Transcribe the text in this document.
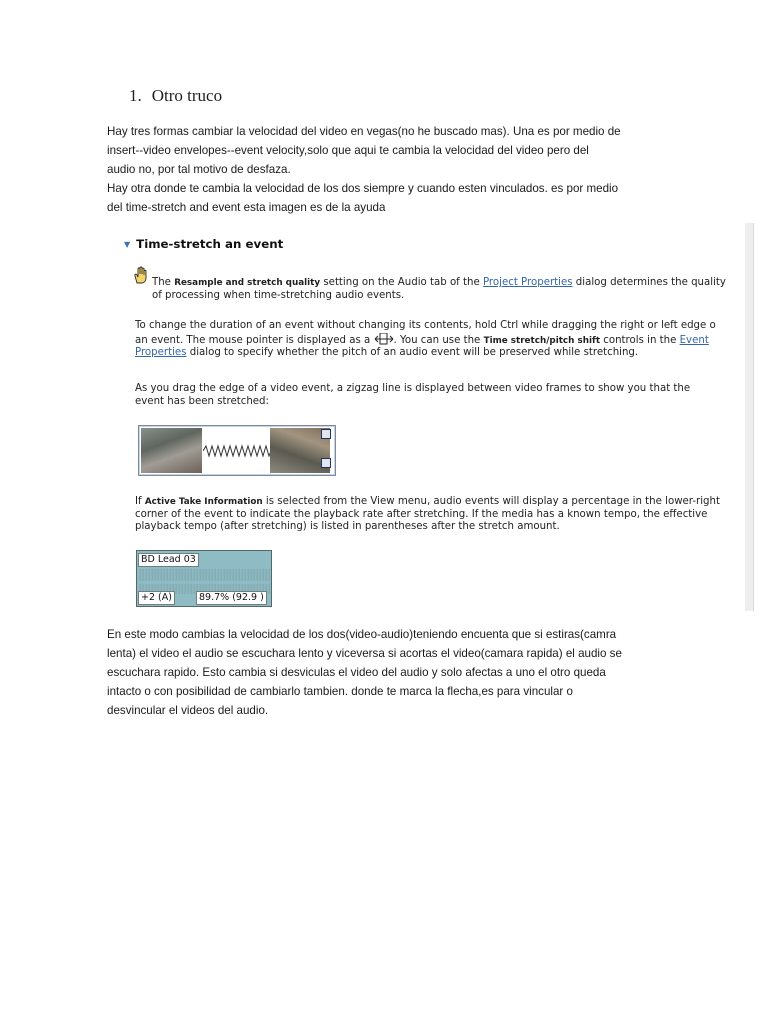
1. Otro truco
Hay tres formas cambiar la velocidad del video en vegas(no he buscado mas). Una es por medio de
insert--video envelopes--event velocity,solo que aqui te cambia la velocidad del video pero del
audio no, por tal motivo de desfaza.
Hay otra donde te cambia la velocidad de los dos siempre y cuando esten vinculados. es por medio
del time-stretch and event esta imagen es de la ayuda
▼ Time-stretch an event
The Resample and stretch quality setting on the Audio tab of the Project Properties dialog determines the quality
of processing when time-stretching audio events.
To change the duration of an event without changing its contents, hold Ctrl while dragging the right or left edge o
an event. The mouse pointer is displayed as a . You can use the Time stretch/pitch shift controls in the Event
Properties dialog to specify whether the pitch of an audio event will be preserved while stretching.
As you drag the edge of a video event, a zigzag line is displayed between video frames to show you that the
event has been stretched:
If Active Take Information is selected from the View menu, audio events will display a percentage in the lower-right
corner of the event to indicate the playback rate after stretching. If the media has a known tempo, the effective
playback tempo (after stretching) is listed in parentheses after the stretch amount.
BD Lead 03
+2 (A)	89.7% (92.9 )
En este modo cambias la velocidad de los dos(video-audio)teniendo encuenta que si estiras(camra
lenta) el video el audio se escuchara lento y viceversa si acortas el video(camara rapida) el audio se
escuchara rapido. Esto cambia si desviculas el video del audio y solo afectas a uno el otro queda
intacto o con posibilidad de cambiarlo tambien. donde te marca la flecha,es para vincular o
desvincular el videos del audio.
